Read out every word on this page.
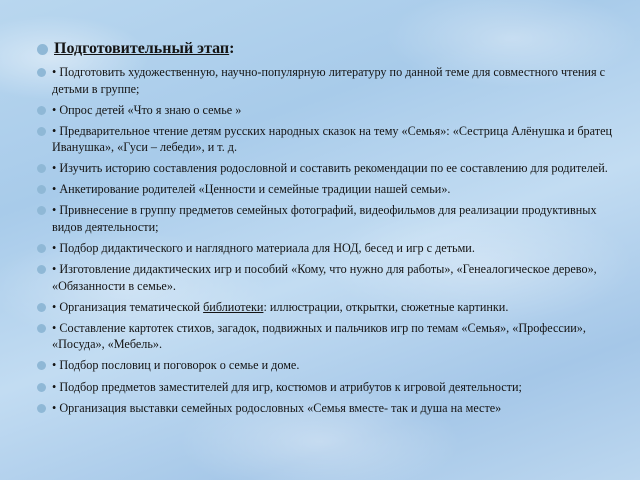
Подготовительный этап :
• Подготовить художественную, научно-популярную литературу по данной теме для совместного чтения с детьми в группе;
• Опрос детей «Что я знаю о семье »
• Предварительное чтение детям русских народных сказок на тему «Семья»: «Сестрица Алёнушка и братец Иванушка», «Гуси – лебеди», и т. д.
• Изучить историю составления родословной и составить рекомендации по ее составлению для родителей.
• Анкетирование родителей «Ценности и семейные традиции нашей семьи».
• Привнесение в группу предметов семейных фотографий, видеофильмов для реализации продуктивных видов деятельности;
• Подбор дидактического и наглядного материала для НОД, бесед и игр с детьми.
• Изготовление дидактических игр и пособий «Кому, что нужно для работы», «Генеалогическое дерево», «Обязанности в семье».
• Организация тематической библиотеки: иллюстрации, открытки, сюжетные картинки.
• Составление картотек стихов, загадок, подвижных и пальчиков игр по темам «Семья», «Профессии», «Посуда», «Мебель».
• Подбор пословиц и поговорок о семье и доме.
• Подбор предметов заместителей для игр, костюмов и атрибутов к игровой деятельности;
• Организация выставки семейных родословных «Семья вместе- так и душа на месте»
